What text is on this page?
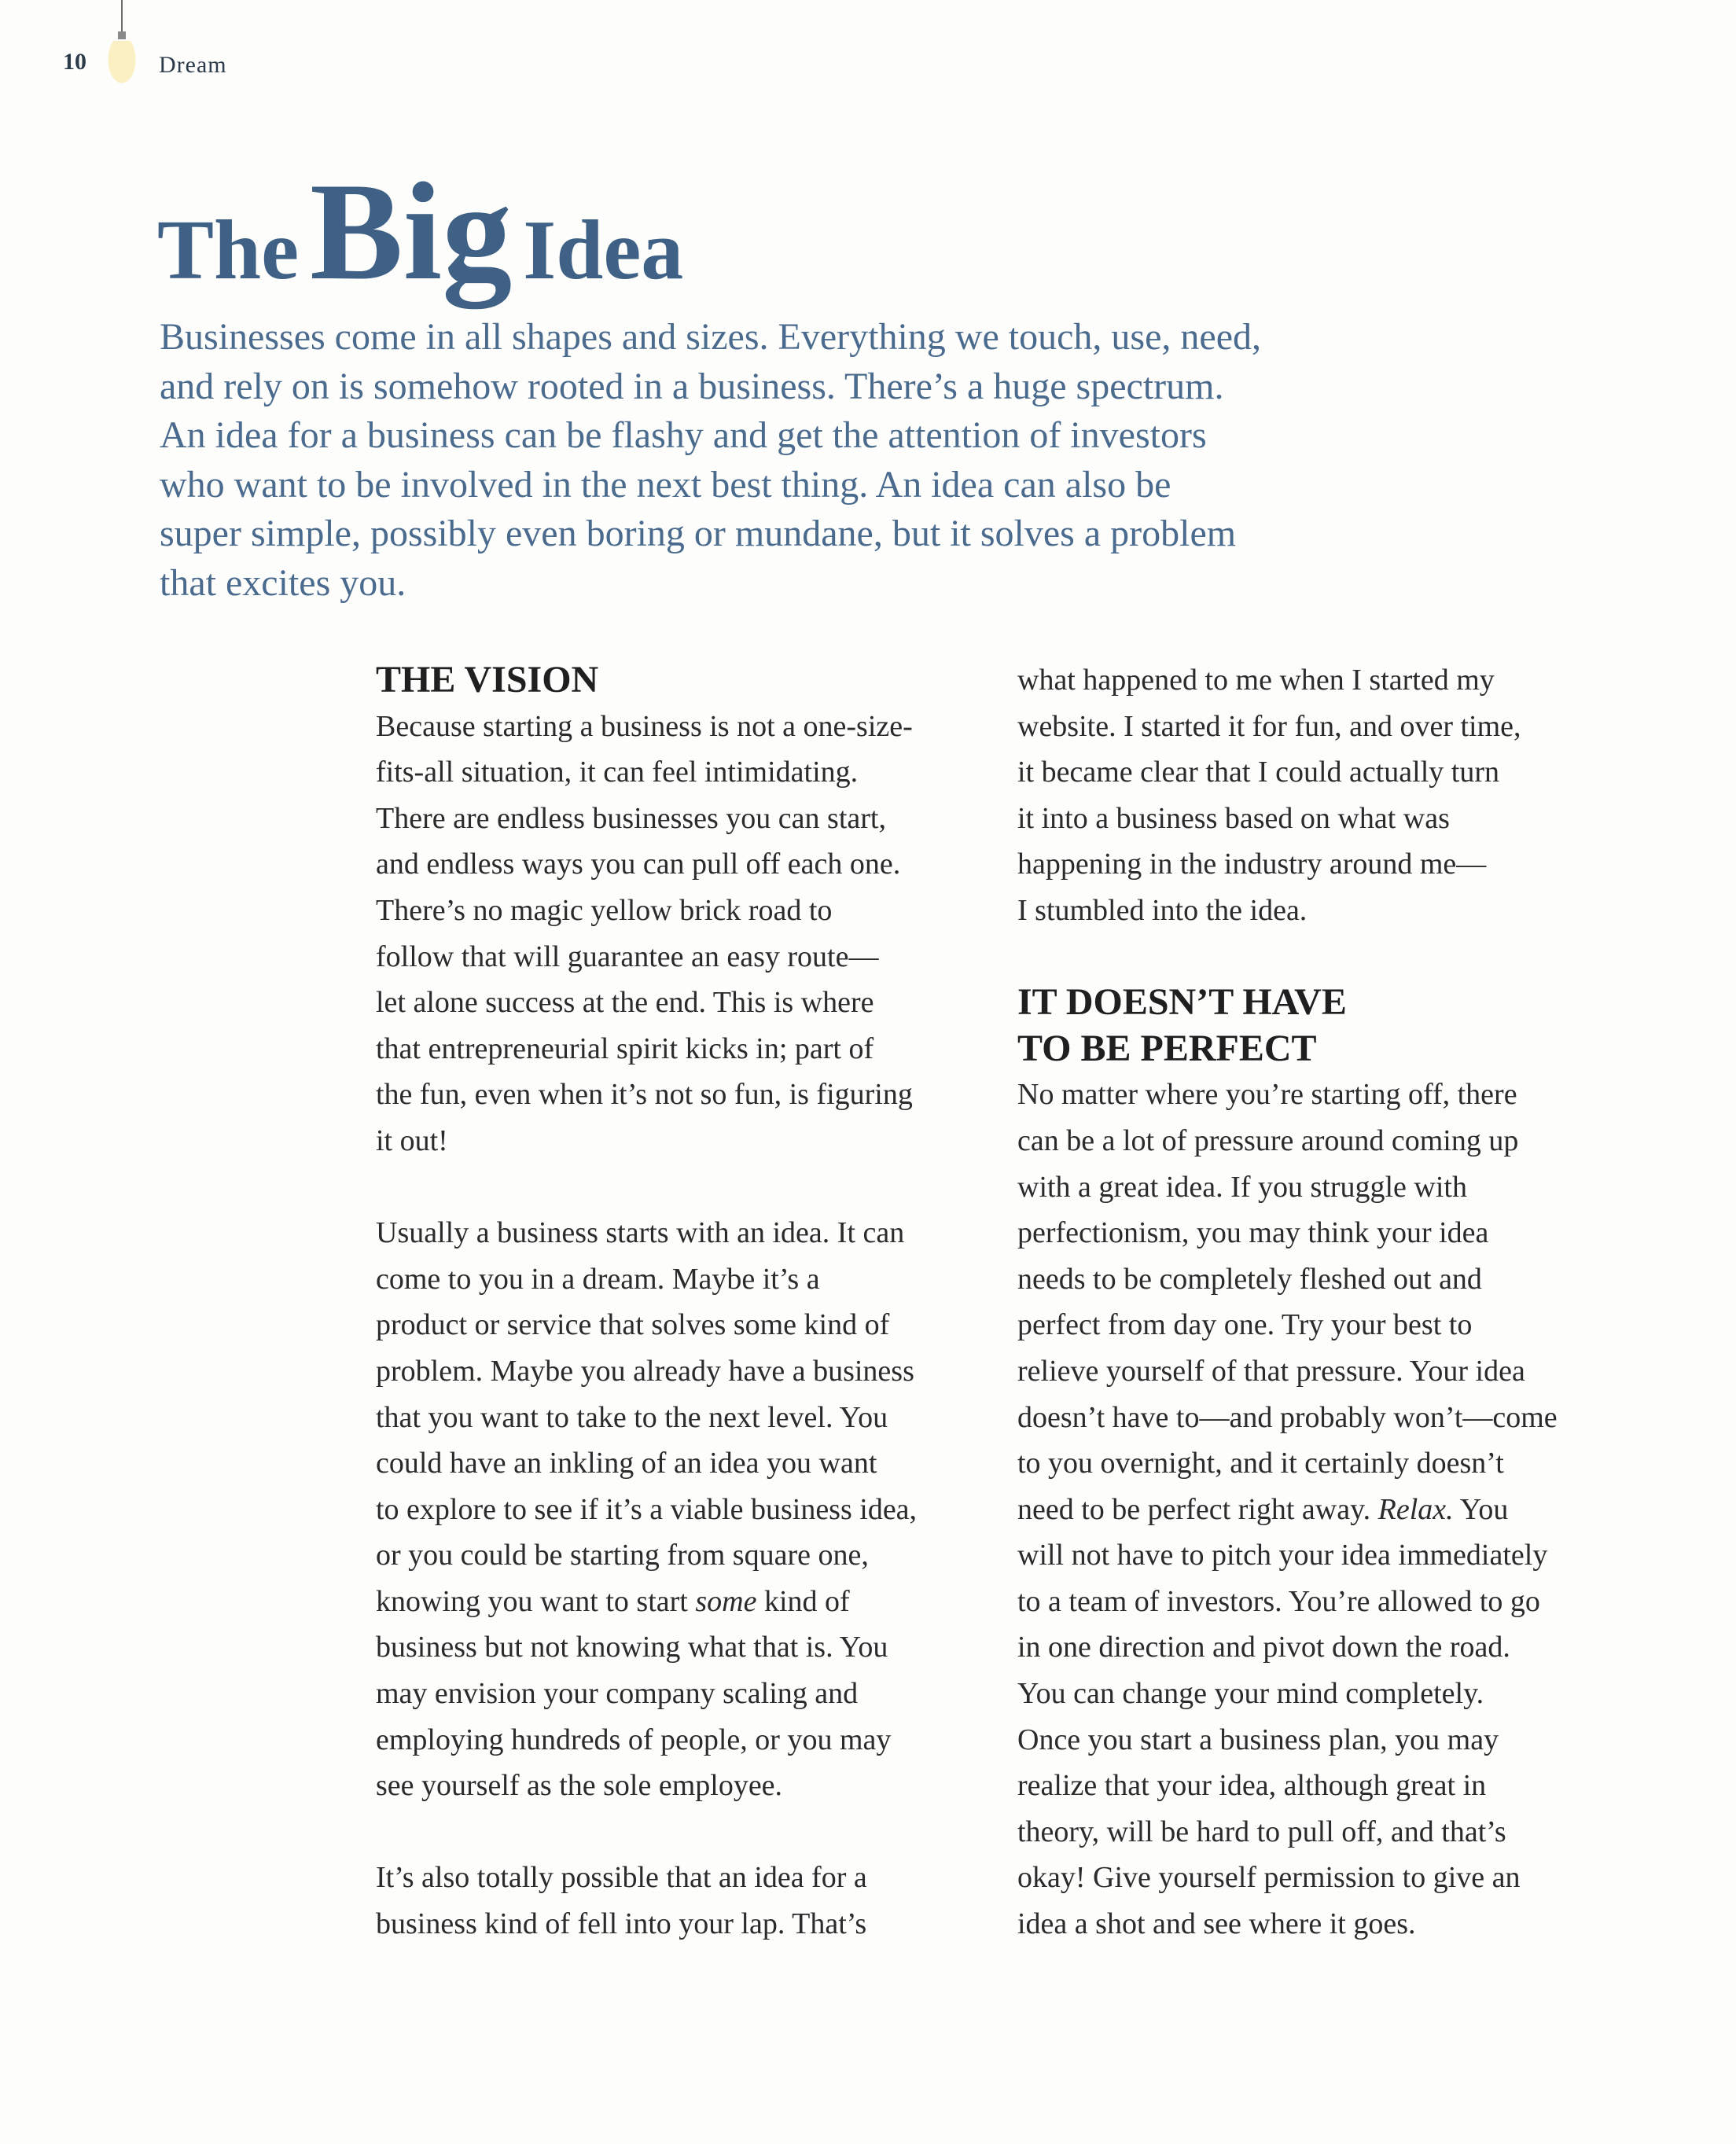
10	Dream
TheBig Idea
Businesses come in all shapes and sizes. Everything we touch, use, need,
and rely on is somehow rooted in a business. There’s a huge spectrum.
An idea for a business can be flashy and get the attention of investors
who want to be involved in the next best thing. An idea can also be
super simple, possibly even boring or mundane, but it solves a problem
that excites you.
THE VISION

Because starting a business is not a one-size-

fits-all situation, it can feel intimidating.

There are endless businesses you can start,

and endless ways you can pull off each one.

There’s no magic yellow brick road to

follow that will guarantee an easy route—

let alone success at the end. This is where

that entrepreneurial spirit kicks in; part of

the fun, even when it’s not so fun, is figuring

it out!

Usually a business starts with an idea. It can

come to you in a dream. Maybe it’s a

product or service that solves some kind of

problem. Maybe you already have a business

that you want to take to the next level. You

could have an inkling of an idea you want

to explore to see if it’s a viable business idea,

or you could be starting from square one,

knowing you want to start some kind of

business but not knowing what that is. You

may envision your company scaling and

employing hundreds of people, or you may

see yourself as the sole employee.

It’s also totally possible that an idea for a

business kind of fell into your lap. That’s

what happened to me when I started my

website. I started it for fun, and over time,

it became clear that I could actually turn

it into a business based on what was

happening in the industry around me—

I stumbled into the idea.

IT DOESN’T HAVE
TO BE PERFECT

No matter where you’re starting off, there

can be a lot of pressure around coming up

with a great idea. If you struggle with

perfectionism, you may think your idea

needs to be completely fleshed out and

perfect from day one. Try your best to

relieve yourself of that pressure. Your idea

doesn’t have to—and probably won’t—come

to you overnight, and it certainly doesn’t

need to be perfect right away. Relax. You

will not have to pitch your idea immediately

to a team of investors. You’re allowed to go

in one direction and pivot down the road.

You can change your mind completely.

Once you start a business plan, you may

realize that your idea, although great in

theory, will be hard to pull off, and that’s

okay! Give yourself permission to give an

idea a shot and see where it goes.
